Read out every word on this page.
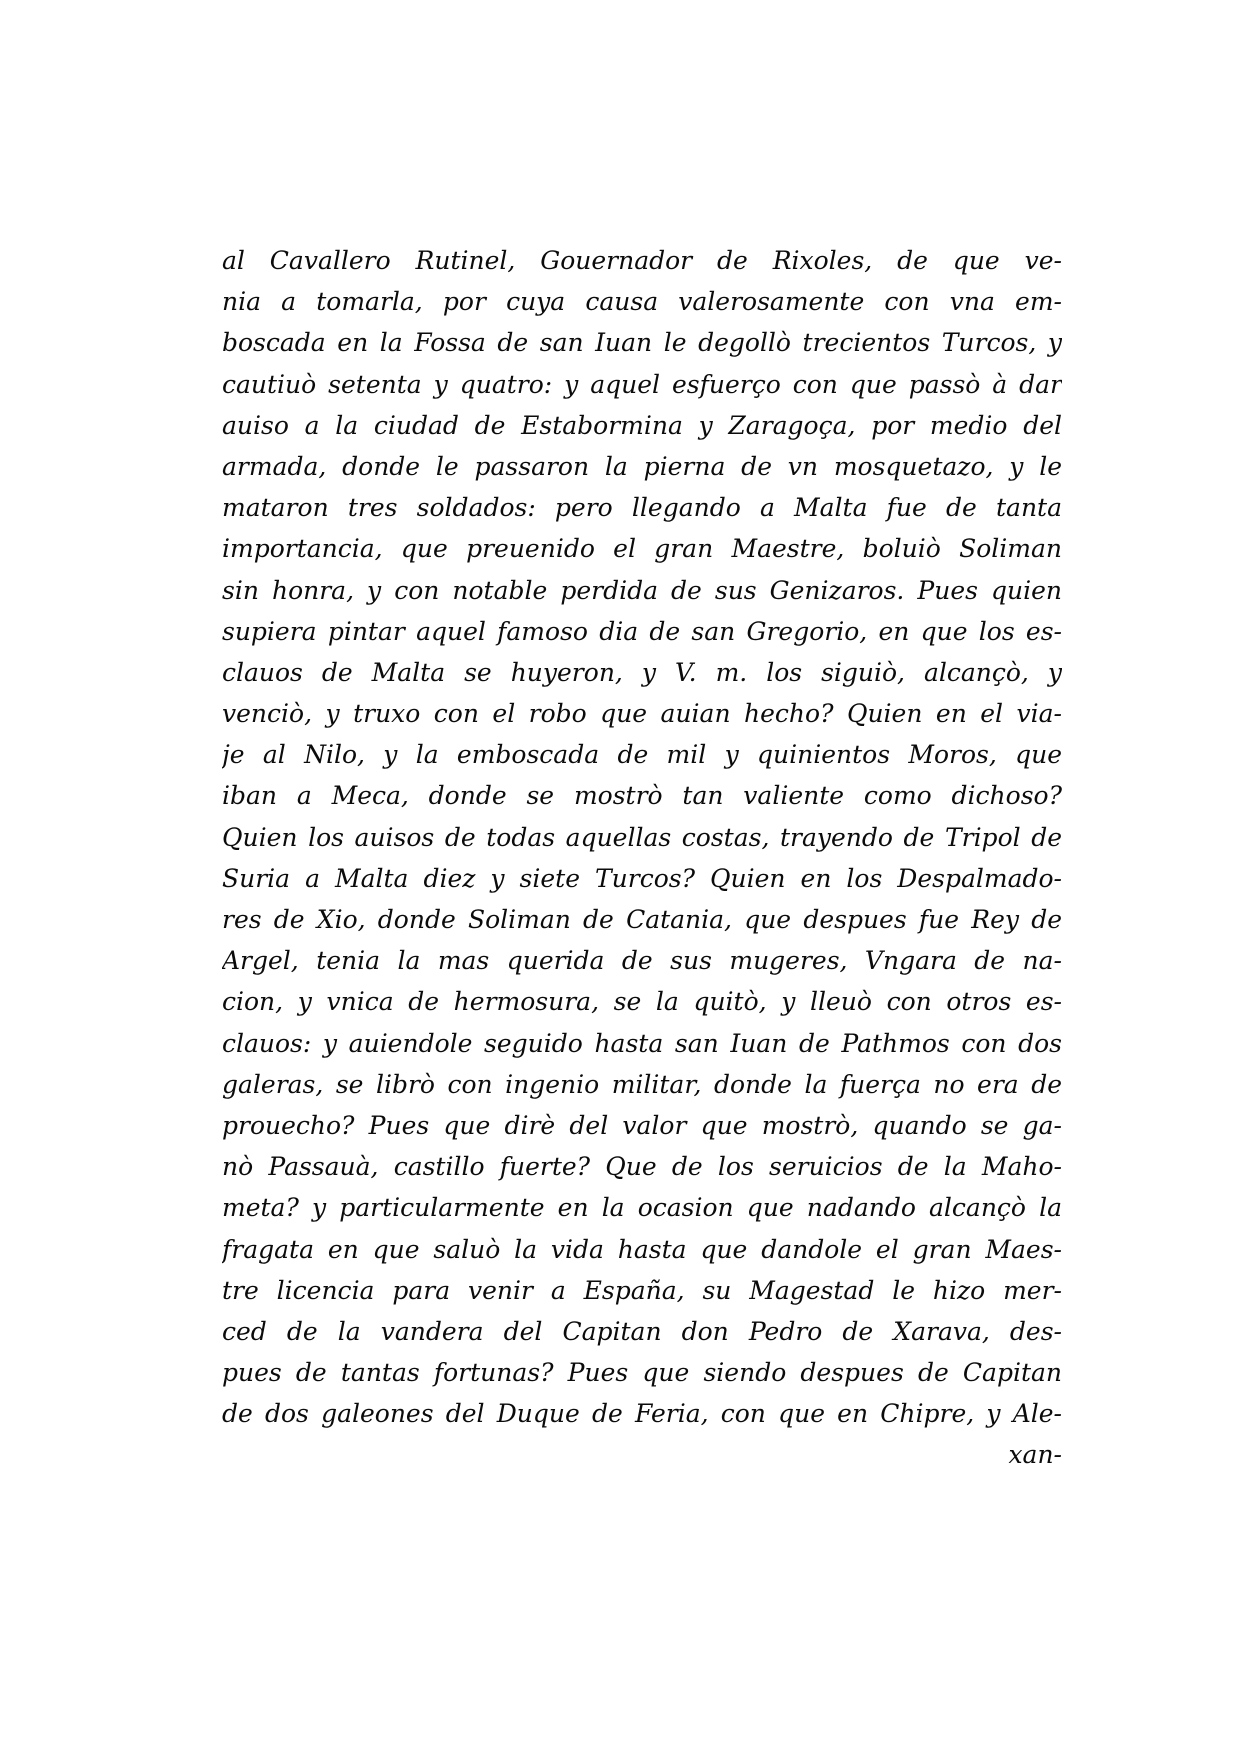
al Cavallero Rutinel, Gouernador de Rixoles, de que ve-
nia a tomarla, por cuya causa valerosamente con vna em-
boscada en la Fossa de san Iuan le degollò trecientos Turcos, y
cautiuò setenta y quatro: y aquel esfuerço con que passò à dar
auiso a la ciudad de Estabormina y Zaragoça, por medio del
armada, donde le passaron la pierna de vn mosquetazo, y le
mataron tres soldados: pero llegando a Malta fue de tanta
importancia, que preuenido el gran Maestre, boluiò Soliman
sin honra, y con notable perdida de sus Genizaros. Pues quien
supiera pintar aquel famoso dia de san Gregorio, en que los es-
clauos de Malta se huyeron, y V. m. los siguiò, alcançò, y
venciò, y truxo con el robo que auian hecho? Quien en el via-
je al Nilo, y la emboscada de mil y quinientos Moros, que
iban a Meca, donde se mostrò tan valiente como dichoso?
Quien los auisos de todas aquellas costas, trayendo de Tripol de
Suria a Malta diez y siete Turcos? Quien en los Despalmado-
res de Xio, donde Soliman de Catania, que despues fue Rey de
Argel, tenia la mas querida de sus mugeres, Vngara de na-
cion, y vnica de hermosura, se la quitò, y lleuò con otros es-
clauos: y auiendole seguido hasta san Iuan de Pathmos con dos
galeras, se librò con ingenio militar, donde la fuerça no era de
prouecho? Pues que dirè del valor que mostrò, quando se ga-
nò Passauà, castillo fuerte? Que de los seruicios de la Maho-
meta? y particularmente en la ocasion que nadando alcançò la
fragata en que saluò la vida hasta que dandole el gran Maes-
tre licencia para venir a España, su Magestad le hizo mer-
ced de la vandera del Capitan don Pedro de Xarava, des-
pues de tantas fortunas? Pues que siendo despues de Capitan
de dos galeones del Duque de Feria, con que en Chipre, y Ale-
xan-
